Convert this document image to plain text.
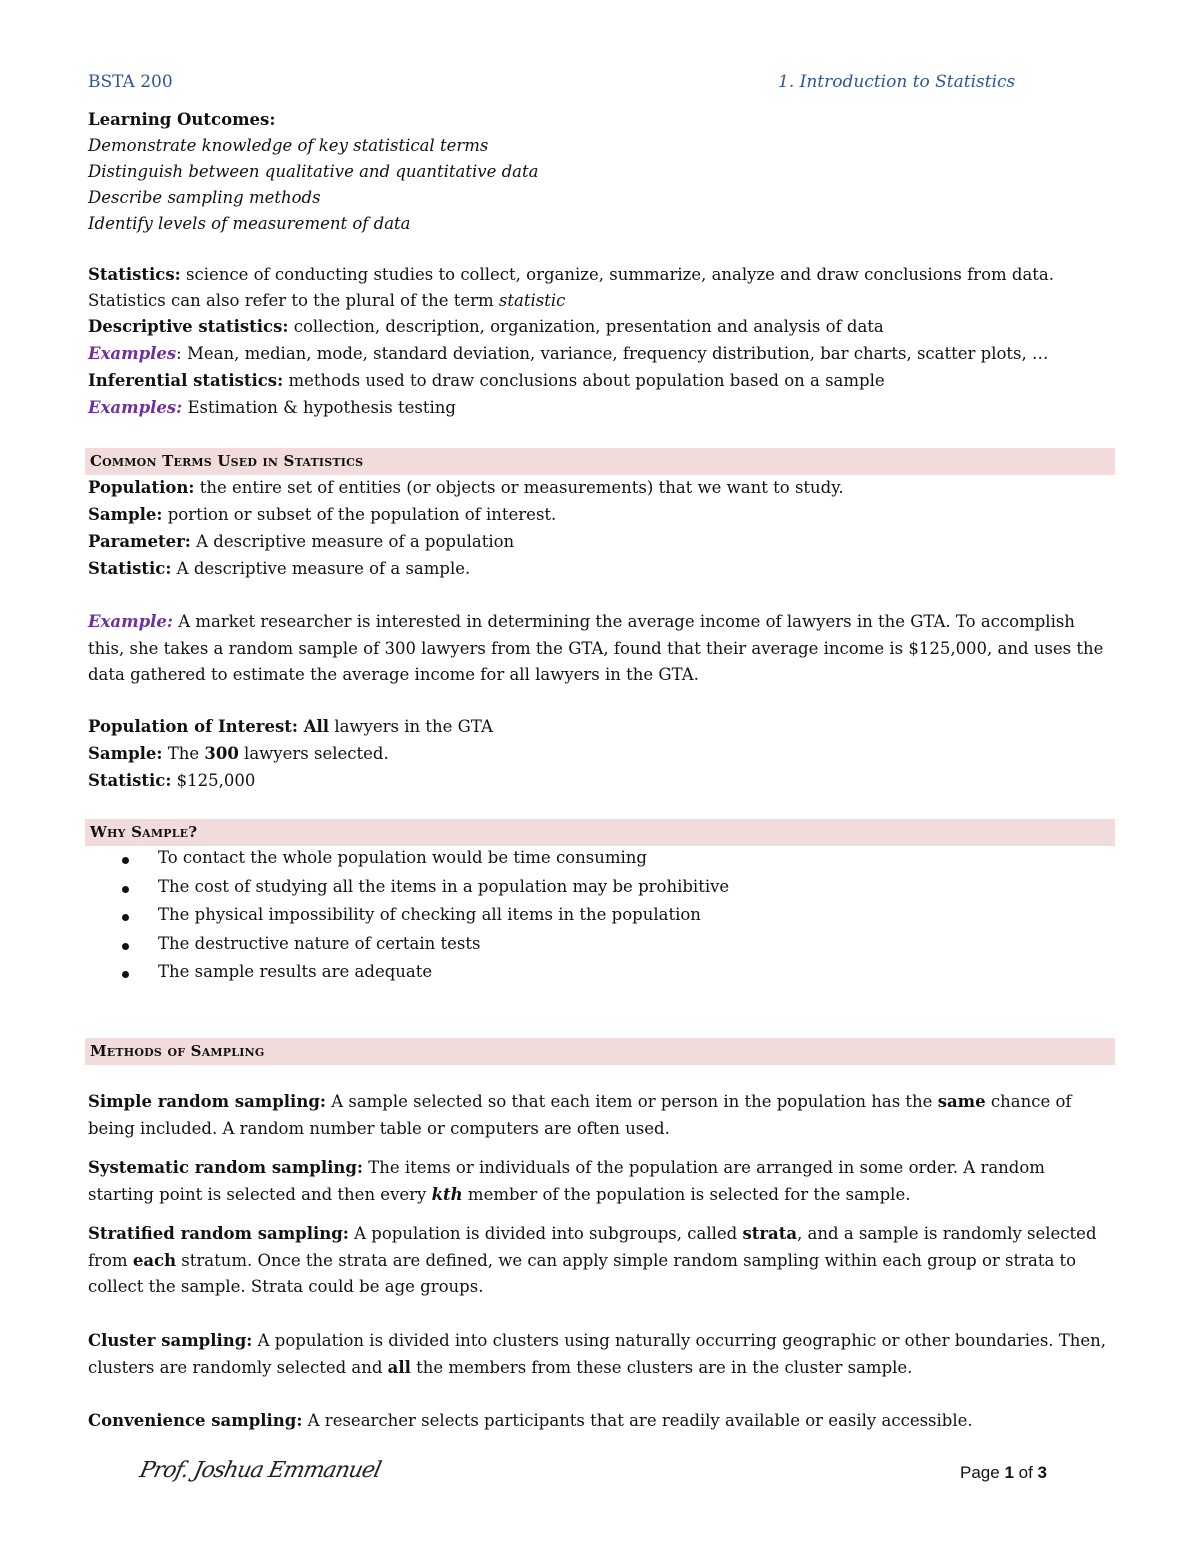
BSTA 200	1. Introduction to Statistics
Learning Outcomes:
Demonstrate knowledge of key statistical terms
Distinguish between qualitative and quantitative data
Describe sampling methods
Identify levels of measurement of data
Statistics: science of conducting studies to collect, organize, summarize, analyze and draw conclusions from data.
Statistics can also refer to the plural of the term statistic
Descriptive statistics: collection, description, organization, presentation and analysis of data
Examples: Mean, median, mode, standard deviation, variance, frequency distribution, bar charts, scatter plots, …
Inferential statistics: methods used to draw conclusions about population based on a sample
Examples: Estimation & hypothesis testing
Common Terms Used in Statistics
Population: the entire set of entities (or objects or measurements) that we want to study.
Sample: portion or subset of the population of interest.
Parameter: A descriptive measure of a population
Statistic: A descriptive measure of a sample.
Example: A market researcher is interested in determining the average income of lawyers in the GTA. To accomplish this, she takes a random sample of 300 lawyers from the GTA, found that their average income is $125,000, and uses the data gathered to estimate the average income for all lawyers in the GTA.
Population of Interest: All lawyers in the GTA
Sample: The 300 lawyers selected.
Statistic: $125,000
Why Sample?
To contact the whole population would be time consuming
The cost of studying all the items in a population may be prohibitive
The physical impossibility of checking all items in the population
The destructive nature of certain tests
The sample results are adequate
Methods of Sampling
Simple random sampling: A sample selected so that each item or person in the population has the same chance of being included. A random number table or computers are often used.
Systematic random sampling: The items or individuals of the population are arranged in some order. A random starting point is selected and then every kth member of the population is selected for the sample.
Stratified random sampling: A population is divided into subgroups, called strata, and a sample is randomly selected from each stratum. Once the strata are defined, we can apply simple random sampling within each group or strata to collect the sample. Strata could be age groups.
Cluster sampling: A population is divided into clusters using naturally occurring geographic or other boundaries. Then, clusters are randomly selected and all the members from these clusters are in the cluster sample.
Convenience sampling: A researcher selects participants that are readily available or easily accessible.
Prof. Joshua Emmanuel	Page 1 of 3
